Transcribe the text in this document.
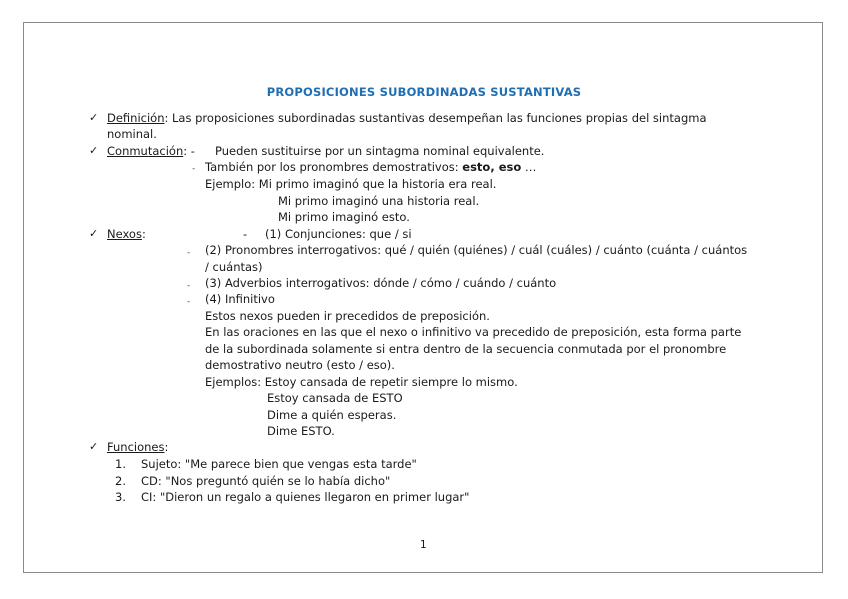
PROPOSICIONES SUBORDINADAS SUSTANTIVAS
✓ Definición: Las proposiciones subordinadas sustantivas desempeñan las funciones propias del sintagma
nominal.
✓ Conmutación: - Pueden sustituirse por un sintagma nominal equivalente.
- También por los pronombres demostrativos: esto, eso …
Ejemplo: Mi primo imaginó que la historia era real.
Mi primo imaginó una historia real.
Mi primo imaginó esto.
✓ Nexos:	- (1) Conjunciones: que / si
- (2) Pronombres interrogativos: qué / quién (quiénes) / cuál (cuáles) / cuánto (cuánta / cuántos
/ cuántas)
- (3) Adverbios interrogativos: dónde / cómo / cuándo / cuánto
- (4) Infinitivo
Estos nexos pueden ir precedidos de preposición.
En las oraciones en las que el nexo o infinitivo va precedido de preposición, esta forma parte
de la subordinada solamente si entra dentro de la secuencia conmutada por el pronombre
demostrativo neutro (esto / eso).
Ejemplos: Estoy cansada de repetir siempre lo mismo.
Estoy cansada de ESTO
Dime a quién esperas.
Dime ESTO.
✓ Funciones:
1. Sujeto: "Me parece bien que vengas esta tarde"
2. CD: "Nos preguntó quién se lo había dicho"
3. CI: "Dieron un regalo a quienes llegaron en primer lugar"
1
